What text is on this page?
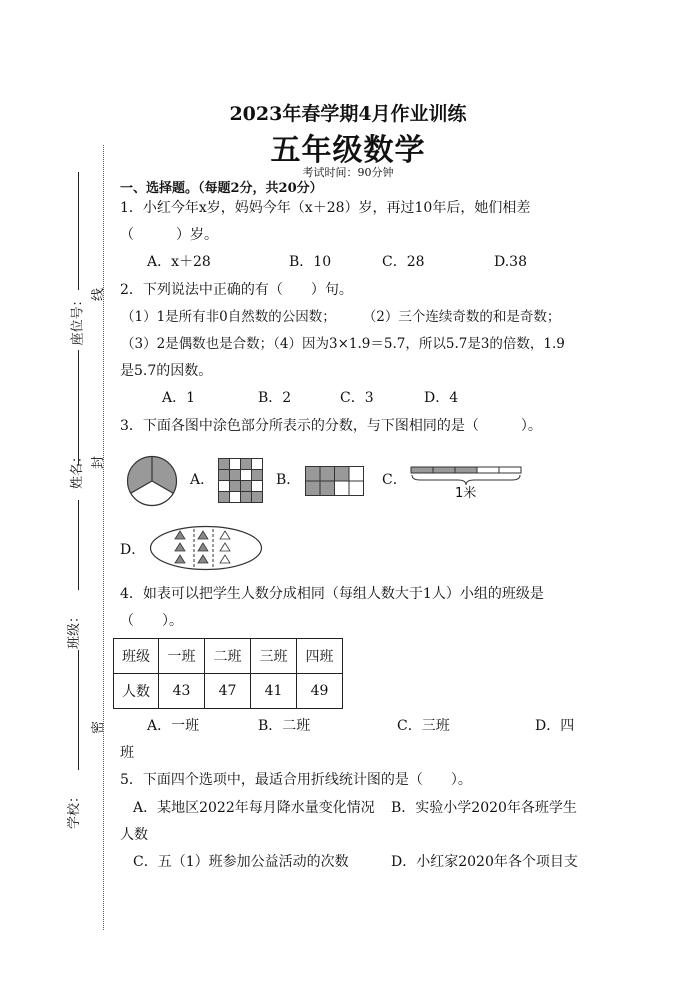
座位号：
姓名：
班级：
学校：
线
封
密
2023年春学期4月作业训练
五年级数学
考试时间：90分钟
一、选择题。（每题2分，共20分）
1．小红今年x岁，妈妈今年（x＋28）岁，再过10年后，她们相差
（　　　）岁。
A．x＋28	B．10	C．28	D.38
2．下列说法中正确的有（　　）句。
（1）1是所有非0自然数的公因数；　　　（2）三个连续奇数的和是奇数；
（3）2是偶数也是合数；（4）因为3×1.9＝5.7，所以5.7是3的倍数，1.9
是5.7的因数。
A．1	B．2	C．3	D．4
3．下面各图中涂色部分所表示的分数，与下图相同的是（　　　）。
A．	B．	C．
1米
D．
4．如表可以把学生人数分成相同（每组人数大于1人）小组的班级是
（　　）。
班级	一班	二班	三班	四班
人数	43	47	41	49
A．一班	B．二班	C．三班	D．四
班
5．下面四个选项中，最适合用折线统计图的是（　　）。
A．某地区2022年每月降水量变化情况 B．实验小学2020年各班学生
人数
C．五（1）班参加公益活动的次数	D．小红家2020年各个项目支
